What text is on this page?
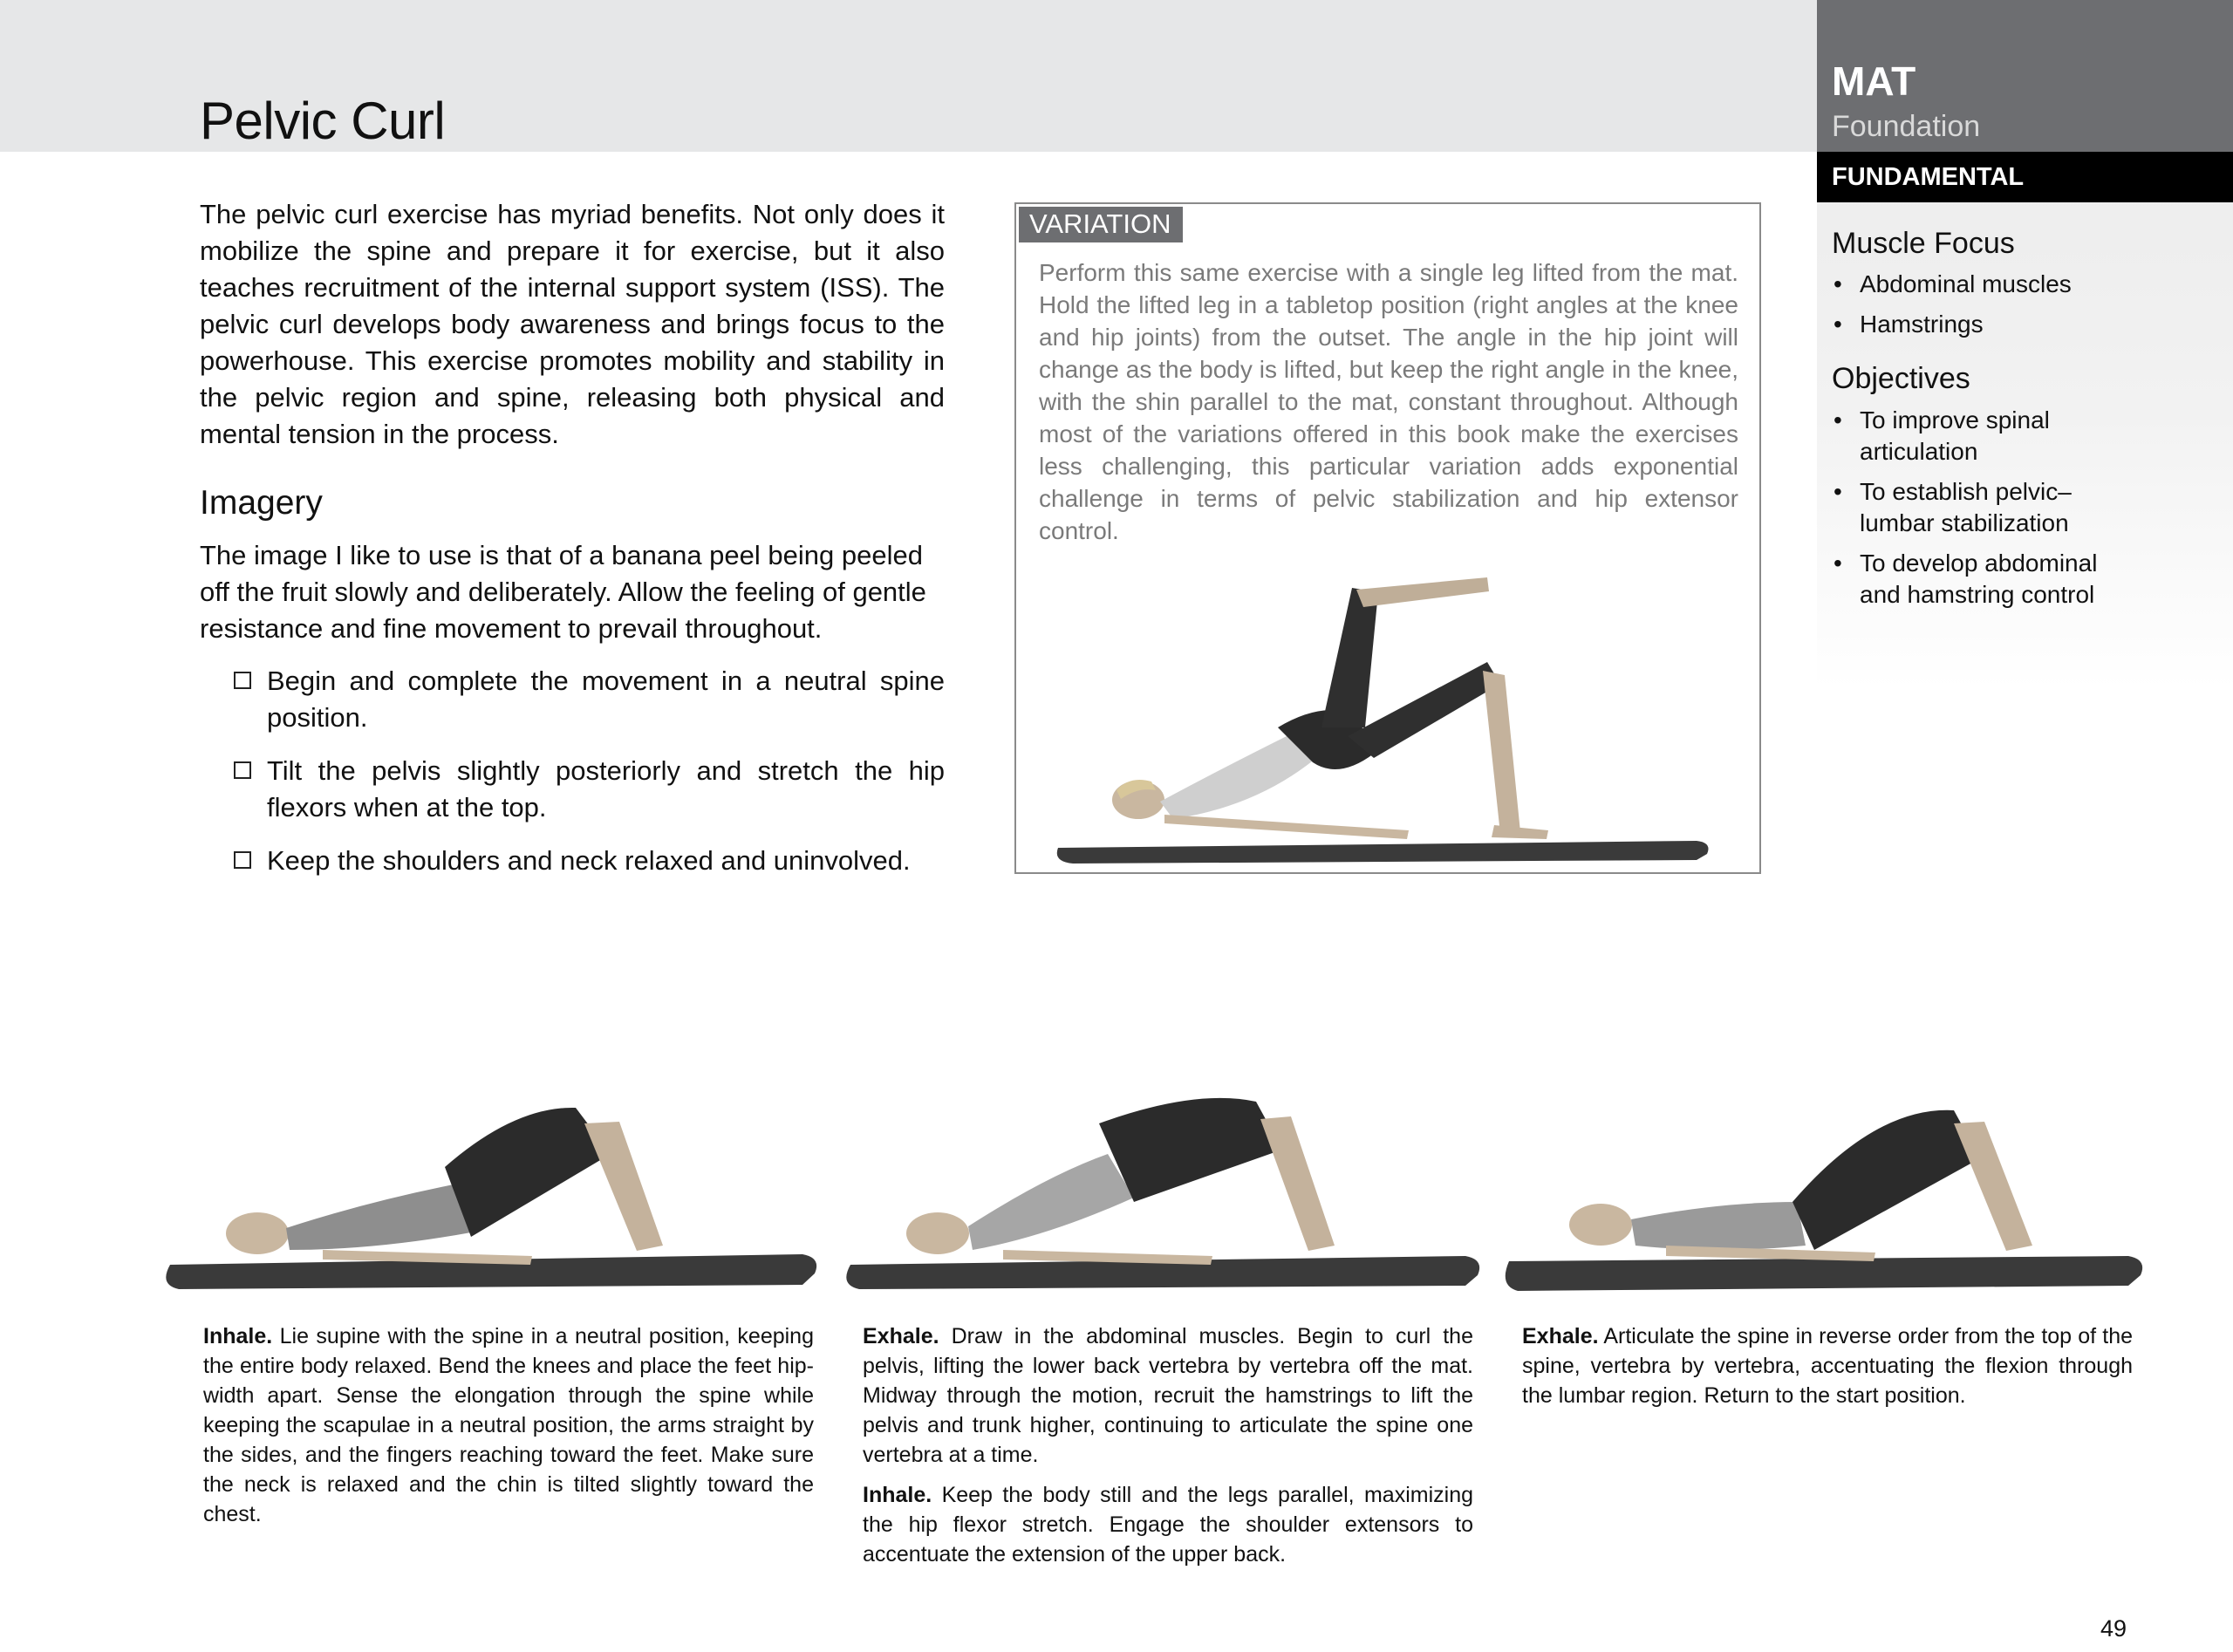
Pelvic Curl
MAT
Foundation
FUNDAMENTAL
Muscle Focus
• Abdominal muscles
• Hamstrings
Objectives
• To improve spinal articulation
• To establish pelvic–lumbar stabilization
• To develop abdominal and hamstring control

The pelvic curl exercise has myriad benefits. Not only does it mobilize the spine and prepare it for exercise, but it also teaches recruitment of the internal support system (ISS). The pelvic curl develops body awareness and brings focus to the powerhouse. This exercise promotes mobility and stability in the pelvic region and spine, releasing both physical and mental tension in the process.

Imagery

The image I like to use is that of a banana peel being peeled off the fruit slowly and deliberately. Allow the feeling of gentle resistance and fine movement to prevail throughout.

Begin and complete the movement in a neutral spine position.
Tilt the pelvis slightly posteriorly and stretch the hip flexors when at the top.
Keep the shoulders and neck relaxed and uninvolved.
VARIATION

Perform this same exercise with a single leg lifted from the mat. Hold the lifted leg in a tabletop position (right angles at the knee and hip joints) from the outset. The angle in the hip joint will change as the body is lifted, but keep the right angle in the knee, with the shin parallel to the mat, constant throughout. Although most of the variations offered in this book make the exercises less challenging, this particular variation adds exponential challenge in terms of pelvic stabilization and hip extensor control.

Inhale. Lie supine with the spine in a neutral position, keeping the entire body relaxed. Bend the knees and place the feet hip-width apart. Sense the elongation through the spine while keeping the scapulae in a neutral position, the arms straight by the sides, and the fingers reaching toward the feet. Make sure the neck is relaxed and the chin is tilted slightly toward the chest.

Exhale. Draw in the abdominal muscles. Begin to curl the pelvis, lifting the lower back vertebra by vertebra off the mat. Midway through the motion, recruit the hamstrings to lift the pelvis and trunk higher, continuing to articulate the spine one vertebra at a time.

Inhale. Keep the body still and the legs parallel, maximizing the hip flexor stretch. Engage the shoulder extensors to accentuate the extension of the upper back.

Exhale. Articulate the spine in reverse order from the top of the spine, vertebra by vertebra, accentuating the flexion through the lumbar region. Return to the start position.

49
